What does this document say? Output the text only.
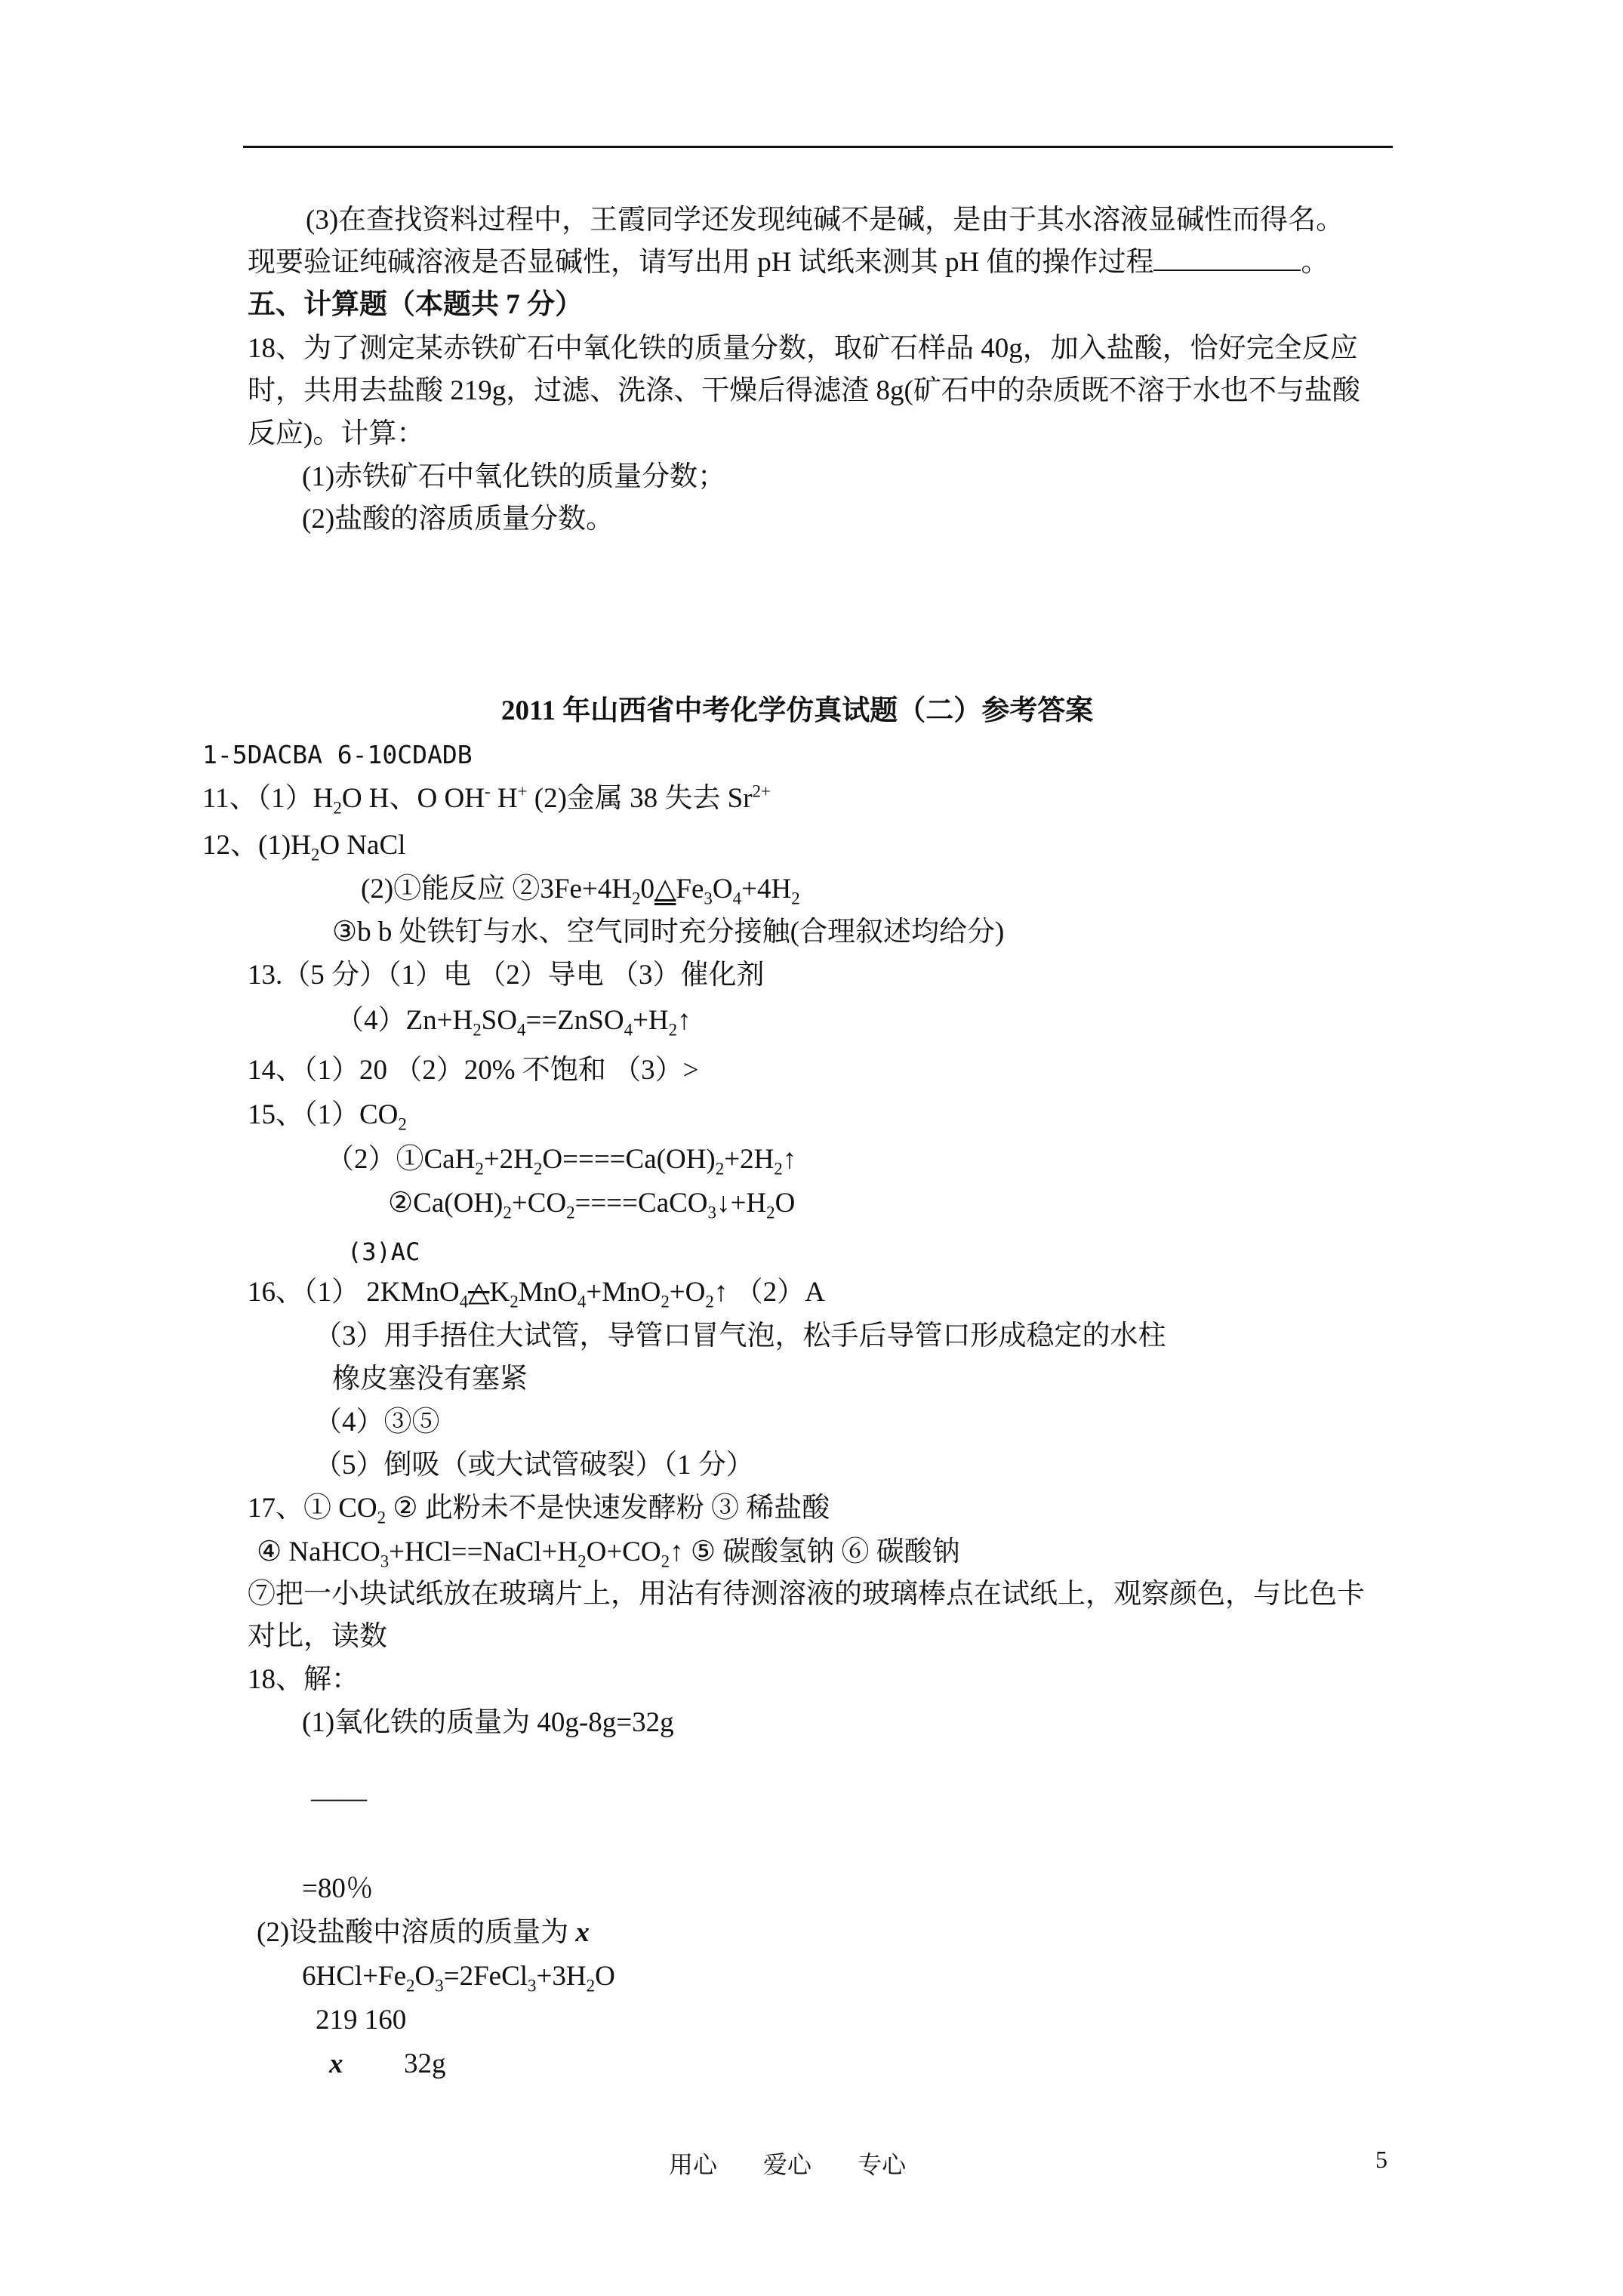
(3)在查找资料过程中，王霞同学还发现纯碱不是碱，是由于其水溶液显碱性而得名。
现要验证纯碱溶液是否显碱性，请写出用 pH 试纸来测其 pH 值的操作过程	。
五、计算题（本题共 7 分）
18、为了测定某赤铁矿石中氧化铁的质量分数，取矿石样品 40g，加入盐酸，恰好完全反应
时，共用去盐酸 219g，过滤、洗涤、干燥后得滤渣 8g(矿石中的杂质既不溶于水也不与盐酸
反应)。计算：
(1)赤铁矿石中氧化铁的质量分数；
(2)盐酸的溶质质量分数。
2011 年山西省中考化学仿真试题（二）参考答案
1-5DACBA 6-10CDADB
11、$(1)H_2O$ H、O OH- H+ (2)金属 38 失去 $Sr^{2+}$
12、$(1)H_2O$ NaCl
(2)①能反应 $②3Fe+4H_20\triangle Fe_3O_4+4H_2$
③b b 处铁钉与水、空气同时充分接触(合理叙述均给分)
13.（5 分）（1）电 （2）导电 （3）催化剂
$(4)Zn+H_2SO_4==ZnSO_4+H_2↑$
14、（1）20 （2）20% 不饱和 （3）>
15、$(1)CO_2$
$(2)①CaH_2+2H_2O====Ca(OH)_2+2H_2↑$
$②Ca(OH)_2+CO_2====CaCO_3↓+H_2O$
(3)AC
16、（1） $2KMnO_4\triangle K_2MnO_4+MnO_2+O_2↑$ （2）A
（3）用手捂住大试管，导管口冒气泡，松手后导管口形成稳定的水柱
橡皮塞没有塞紧
（4）③⑤
（5）倒吸（或大试管破裂）（1 分）
17、① $CO_2$ ② 此粉未不是快速发酵粉 ③ 稀盐酸
④ $NaHCO_3+HCl==NaCl+H_2O+CO_2↑$ ⑤ 碳酸氢钠 ⑥ 碳酸钠
⑦把一小块试纸放在玻璃片上，用沾有待测溶液的玻璃棒点在试纸上，观察颜色，与比色卡
对比，读数
18、解：
(1)氧化铁的质量为 40g-8g=32g
——
=80％
(2)设盐酸中溶质的质量为 x
$6HCl+Fe_2O_3=2FeCl_3+3H_2O$
219 160
x 32g
用心      爱心      专心	5
